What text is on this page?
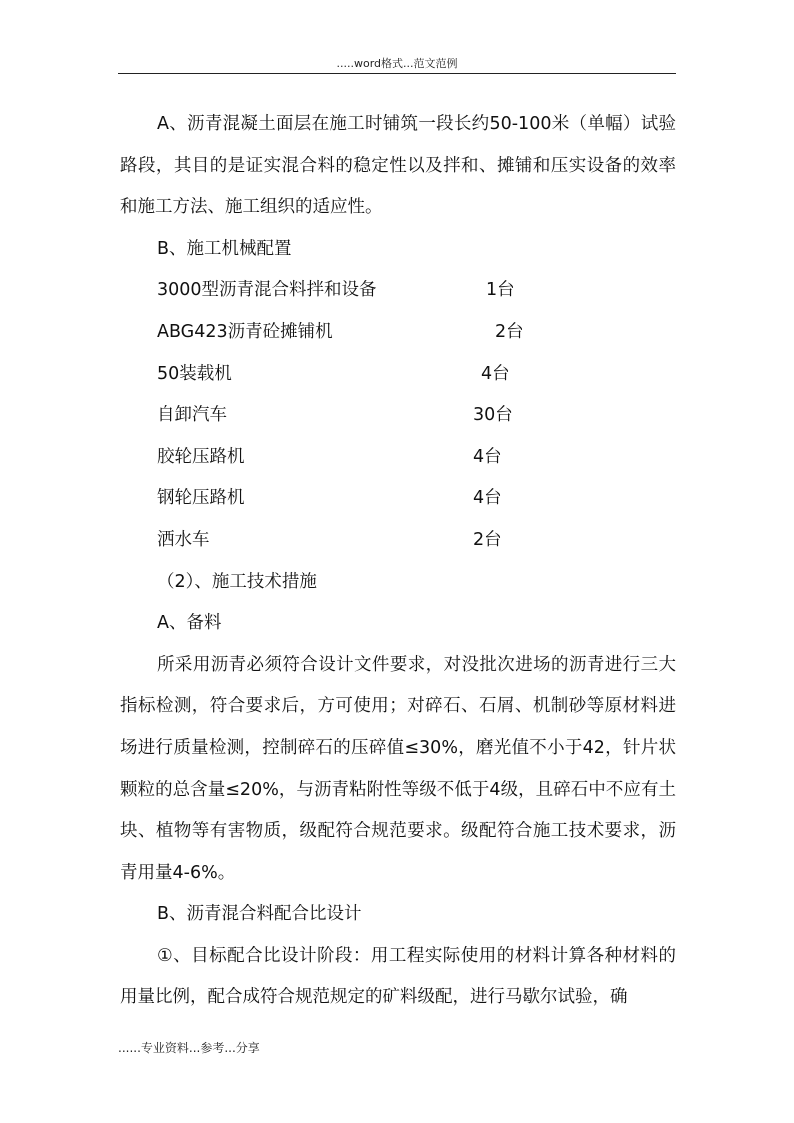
.....word格式...范文范例

A、沥青混凝土面层在施工时铺筑一段长约50-100米（单幅）试验路段，其目的是证实混合料的稳定性以及拌和、摊铺和压实设备的效率和施工方法、施工组织的适应性。

B、施工机械配置

3000型沥青混合料拌和设备	1台
ABG423沥青砼摊铺机	2台
50装载机	4台
自卸汽车	30台
胶轮压路机	4台
钢轮压路机	4台
洒水车	2台

（2）、施工技术措施

A、备料

所采用沥青必须符合设计文件要求，对没批次进场的沥青进行三大指标检测，符合要求后，方可使用；对碎石、石屑、机制砂等原材料进场进行质量检测，控制碎石的压碎值≤30%，磨光值不小于42，针片状颗粒的总含量≤20%，与沥青粘附性等级不低于4级，且碎石中不应有土块、植物等有害物质，级配符合规范要求。级配符合施工技术要求，沥青用量4-6%。

B、沥青混合料配合比设计

①、目标配合比设计阶段：用工程实际使用的材料计算各种材料的用量比例，配合成符合规范规定的矿料级配，进行马歇尔试验，确

......专业资料...参考...分享
